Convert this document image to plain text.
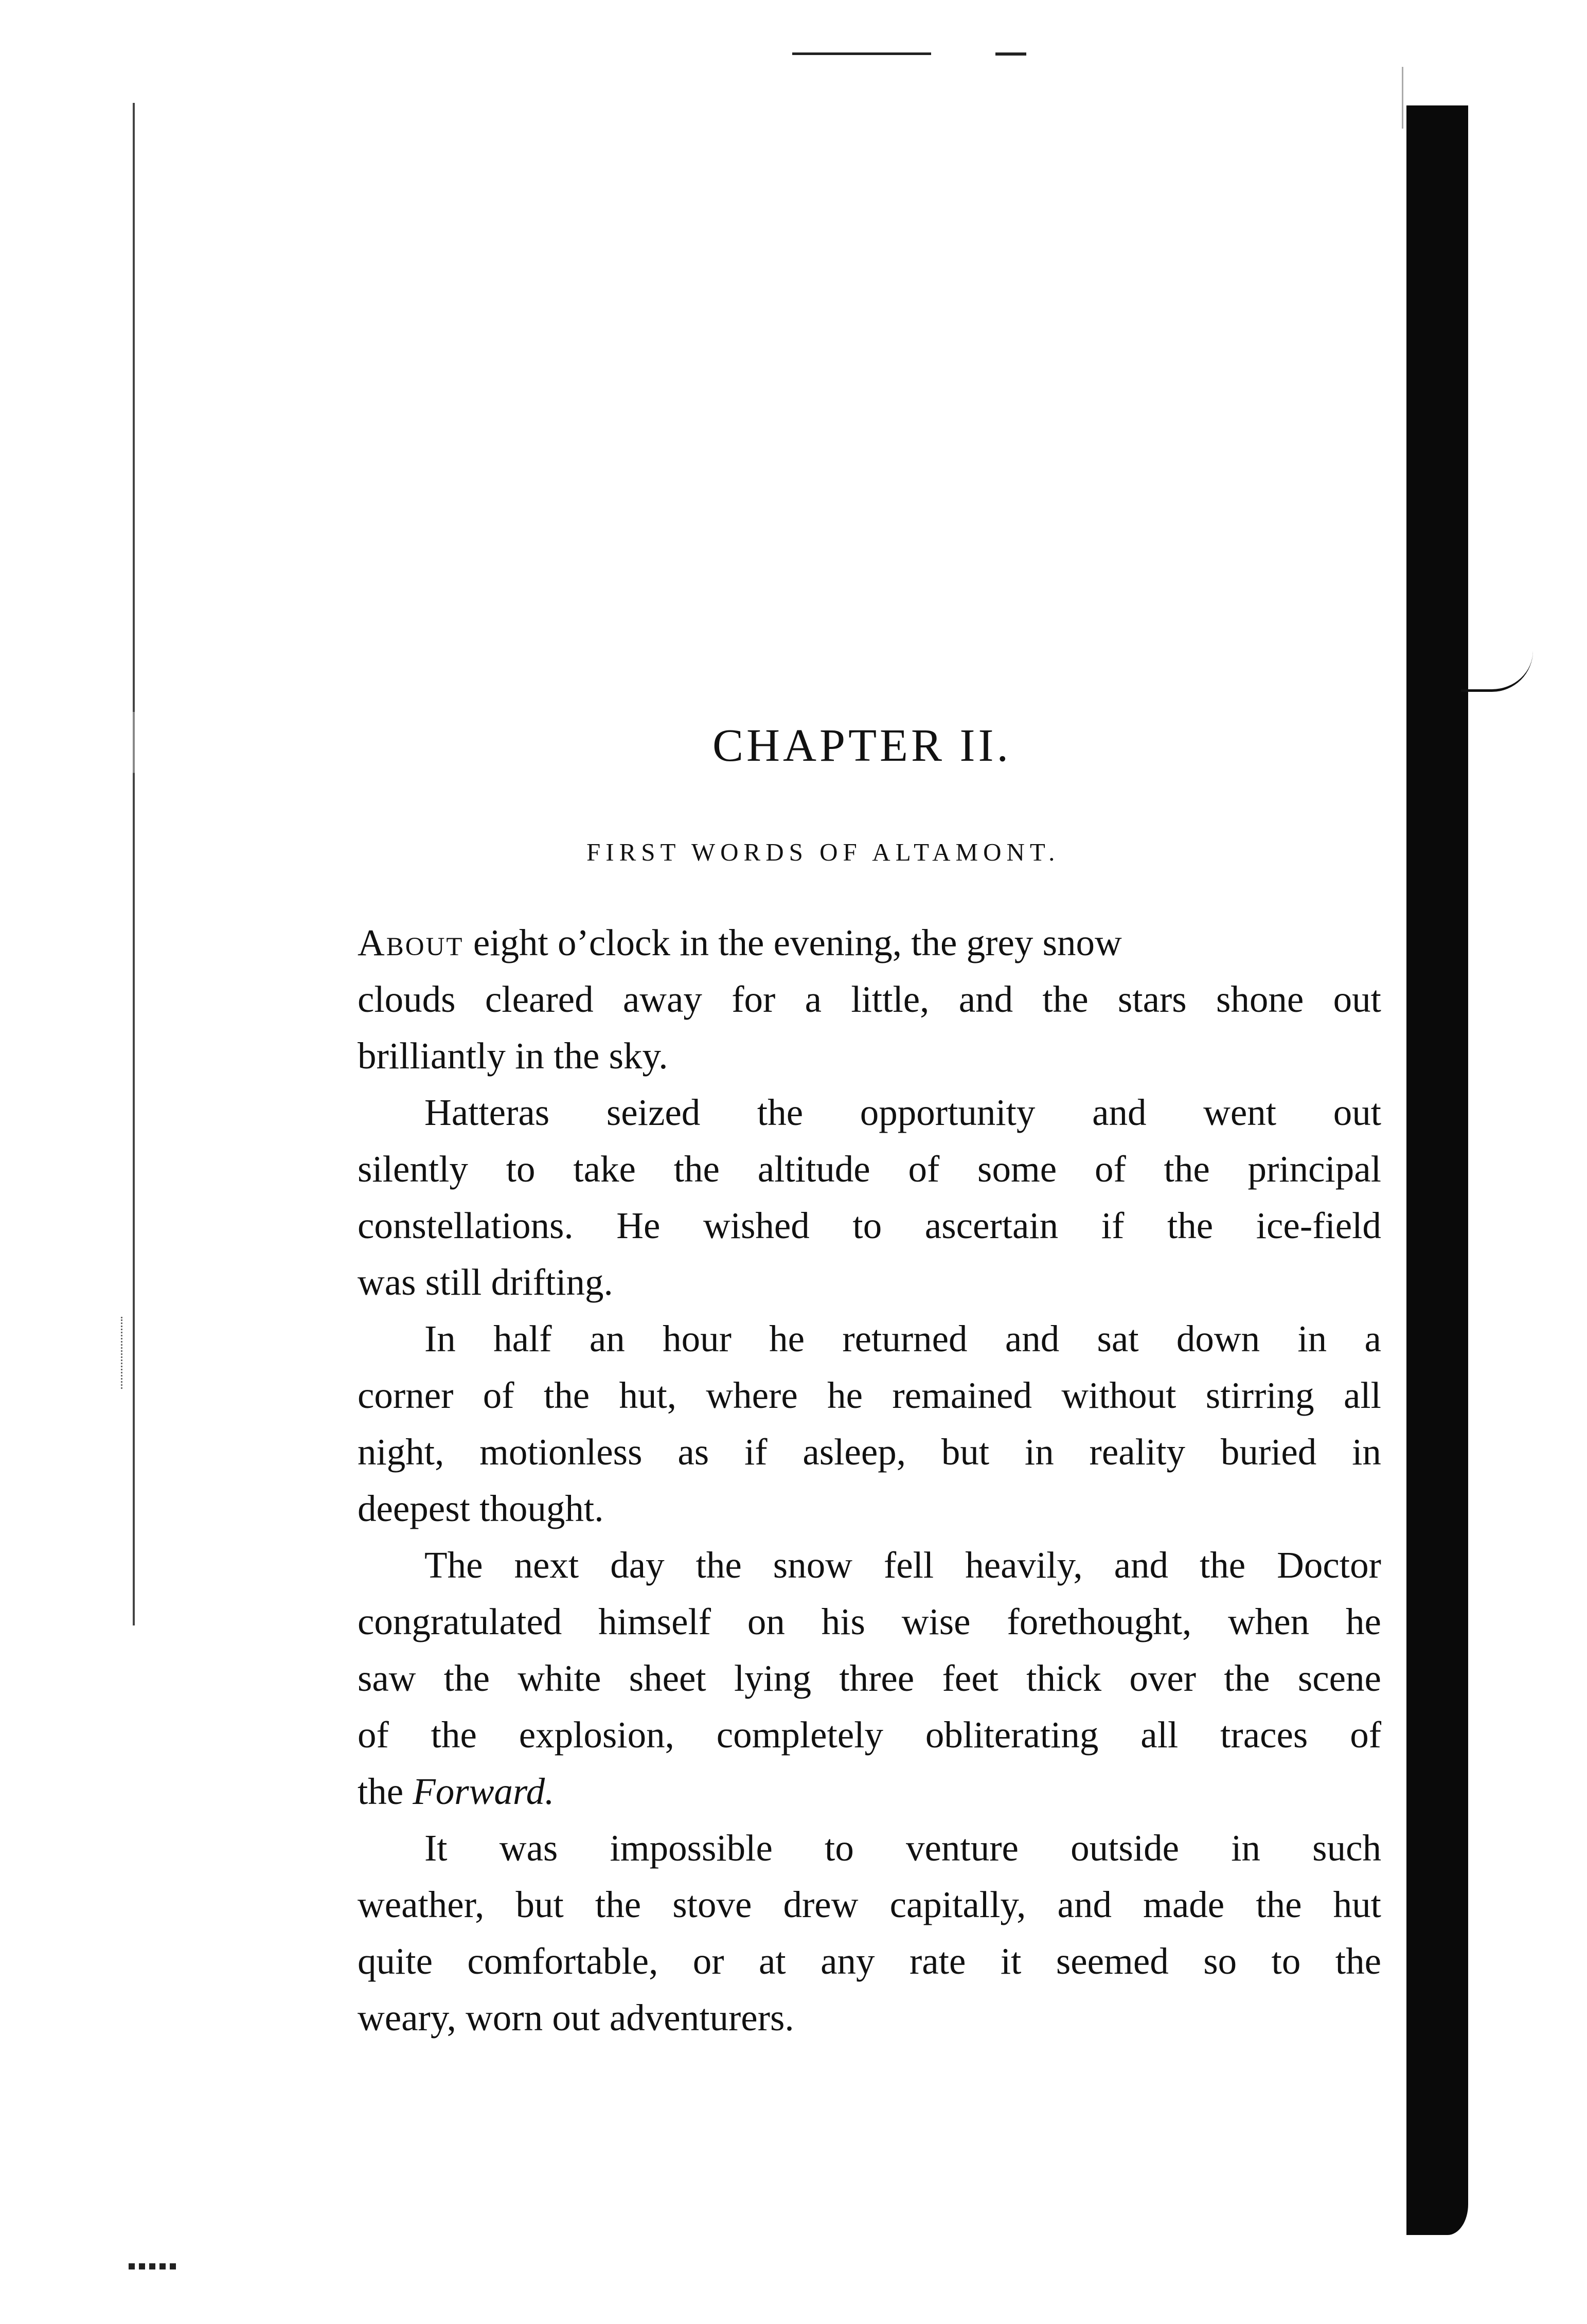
CHAPTER II.
FIRST WORDS OF ALTAMONT.
About eight o’clock in the evening, the grey snow
clouds cleared away for a little, and the stars shone out
brilliantly in the sky.
Hatteras seized the opportunity and went out
silently to take the altitude of some of the principal
constellations. He wished to ascertain if the ice-field
was still drifting.
In half an hour he returned and sat down in a
corner of the hut, where he remained without stirring all
night, motionless as if asleep, but in reality buried in
deepest thought.
The next day the snow fell heavily, and the Doctor
congratulated himself on his wise forethought, when he
saw the white sheet lying three feet thick over the scene
of the explosion, completely obliterating all traces of
the Forward.
It was impossible to venture outside in such
weather, but the stove drew capitally, and made the hut
quite comfortable, or at any rate it seemed so to the
weary, worn out adventurers.
